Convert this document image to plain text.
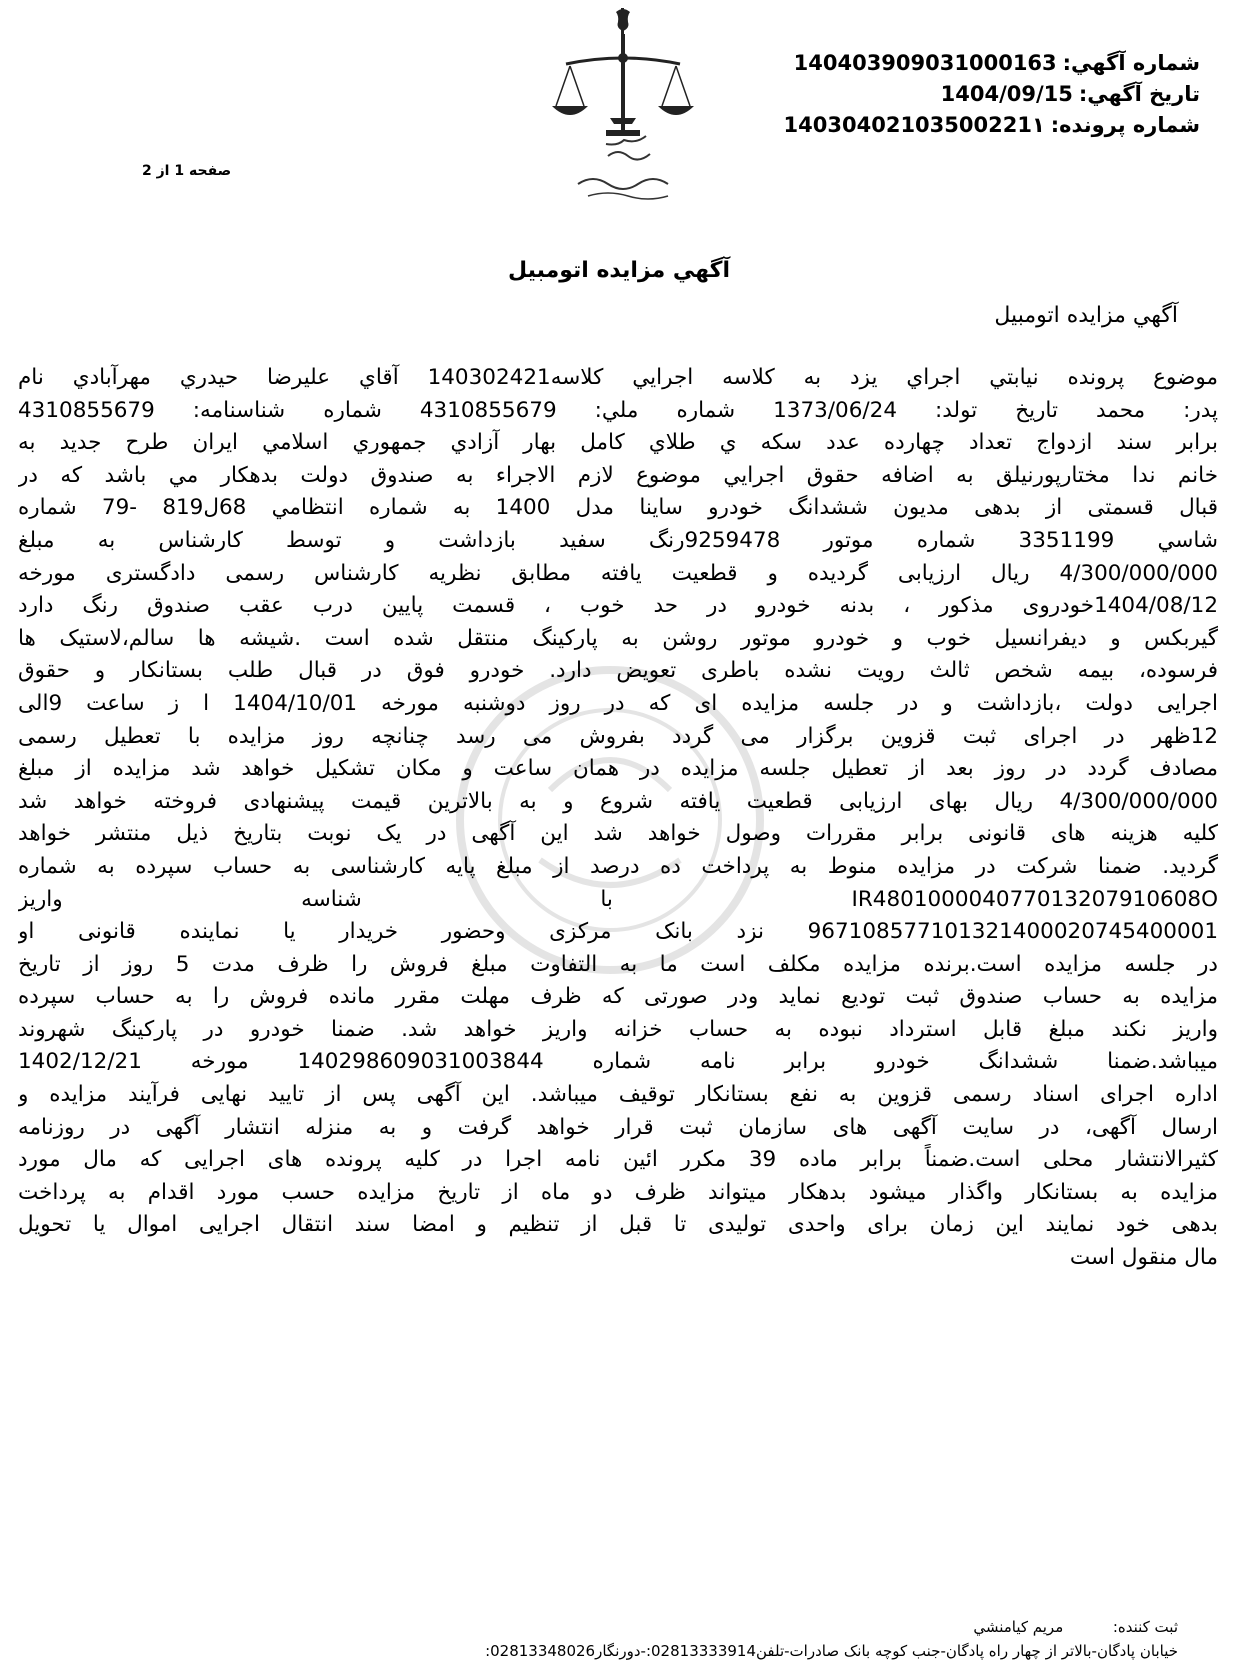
شماره آگهي:140403909031000163
تاريخ آگهي:1404/09/15
شماره پرونده:14030402103500221١
صفحه 1 از 2
آگهي مزايده اتومبيل
آگهي مزايده اتومبيل
موضوع پرونده نيابتي اجراي يزد به كلاسه اجرايي كلاسه140302421 آقاي عليرضا حيدري مهرآبادي نام
پدر: محمد تاريخ تولد: 1373/06/24 شماره ملي: 4310855679 شماره شناسنامه: 4310855679
برابر سند ازدواج تعداد چهارده عدد سكه ي طلاي كامل بهار آزادي جمهوري اسلامي ايران طرح جديد به
خانم ندا مختارپورنيلق به اضافه حقوق اجرايي موضوع لازم الاجراء به صندوق دولت بدهكار مي باشد كه در
قبال قسمتی از بدهی مديون ششدانگ خودرو ساینا مدل 1400 به شماره انتظامي 68ل819 -79 شماره
شاسي 3351199 شماره موتور 9259478رنگ سفيد بازداشت و توسط كارشناس به مبلغ
4/300/000/000 ريال ارزيابی گرديده و قطعيت يافته مطابق نظريه كارشناس رسمی دادگستری مورخه
1404/08/12خودروی مذكور ، بدنه خودرو در حد خوب ، قسمت پايين درب عقب صندوق رنگ دارد
گيربكس و ديفرانسيل خوب و خودرو موتور روشن به پاركينگ منتقل شده است .شيشه ها سالم،لاستيک ها
فرسوده، بيمه شخص ثالث رويت نشده باطری تعويض دارد. خودرو فوق در قبال طلب بستانكار و حقوق
اجرايی دولت ،بازداشت و در جلسه مزايده ای كه در روز دوشنبه مورخه 1404/10/01 ا ز ساعت 9الی
12ظهر در اجرای ثبت قزوين برگزار می گردد بفروش می رسد چنانچه روز مزايده با تعطيل رسمی
مصادف گردد در روز بعد از تعطيل جلسه مزايده در همان ساعت و مكان تشكيل خواهد شد مزايده از مبلغ
4/300/000/000 ريال بهای ارزيابی قطعيت يافته شروع و به بالاترين قيمت پيشنهادی فروخته خواهد شد
كليه هزينه های قانونی برابر مقررات وصول خواهد شد اين آگهی در يک نوبت بتاريخ ذيل منتشر خواهد
گرديد. ضمنا شركت در مزايده منوط به پرداخت ده درصد از مبلغ پايه كارشناسی به حساب سپرده به شماره
IR480100004077013207910608O با شناسه واريز
967108577101321400020745400001 نزد بانک مركزی وحضور خريدار يا نماينده قانونی او
در جلسه مزايده است.برنده مزايده مكلف است ما به التفاوت مبلغ فروش را ظرف مدت 5 روز از تاريخ
مزايده به حساب صندوق ثبت توديع نمايد ودر صورتی كه ظرف مهلت مقرر مانده فروش را به حساب سپرده
واريز نكند مبلغ قابل استرداد نبوده به حساب خزانه واريز خواهد شد. ضمنا خودرو در پاركينگ شهروند
ميباشد.ضمنا ششدانگ خودرو برابر نامه شماره 140298609031003844 مورخه 1402/12/21
اداره اجرای اسناد رسمی قزوين به نفع بستانكار توقيف ميباشد. اين آگهی پس از تاييد نهايی فرآيند مزايده و
ارسال آگهی، در سايت آگهی های سازمان ثبت قرار خواهد گرفت و به منزله انتشار آگهی در روزنامه
كثيرالانتشار محلی است.ضمناً برابر ماده 39 مكرر ائين نامه اجرا در كليه پرونده های اجرايی كه مال مورد
مزايده به بستانكار واگذار ميشود بدهكار ميتواند ظرف دو ماه از تاريخ مزايده حسب مورد اقدام به پرداخت
بدهی خود نمايند اين زمان برای واحدی توليدی تا قبل از تنظيم و امضا سند انتقال اجرايی اموال يا تحويل
مال منقول است
ثبت كننده:  مريم كيامنشي
خيابان پادگان-بالاتر از چهار راه پادگان-جنب كوچه بانک صادرات-تلفن02813333914:-دورنگار02813348026:
